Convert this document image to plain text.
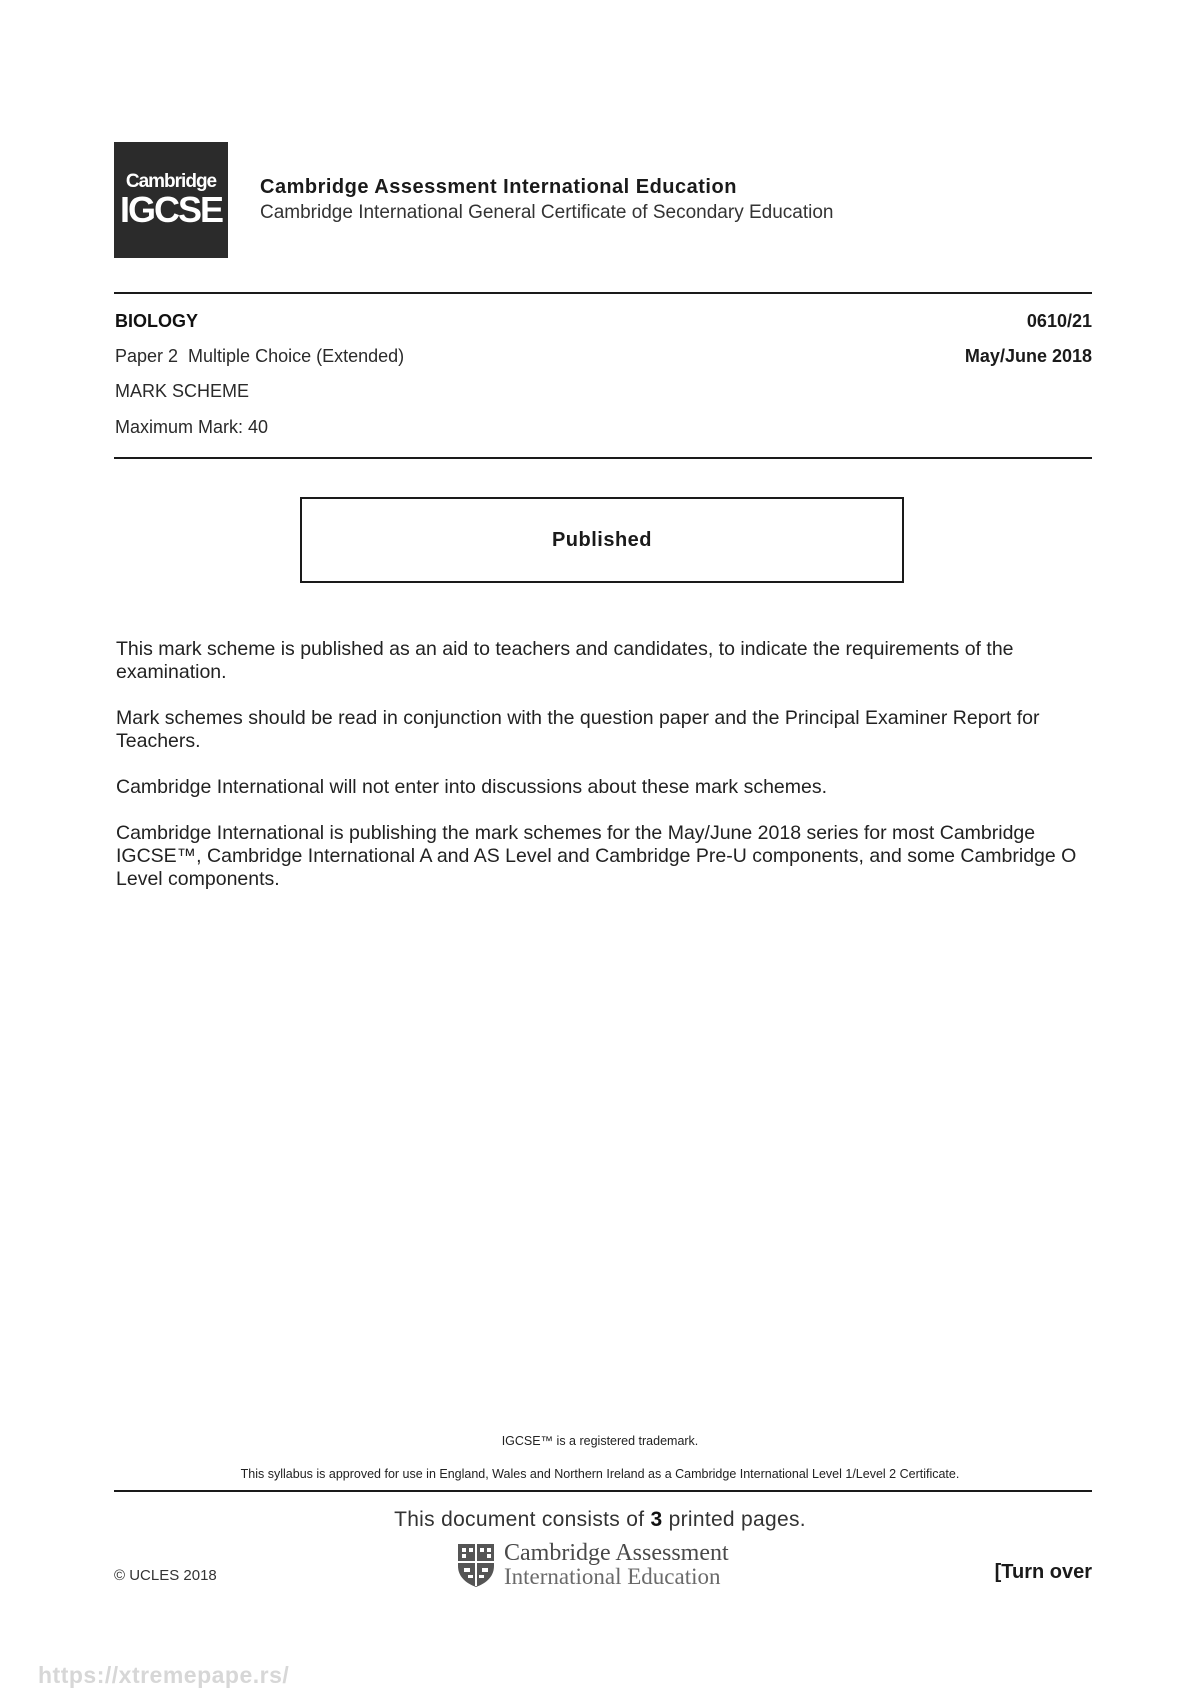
Cambridge
IGCSE
Cambridge Assessment International Education
Cambridge International General Certificate of Secondary Education
BIOLOGY	0610/21
Paper 2  Multiple Choice (Extended)	May/June 2018
MARK SCHEME
Maximum Mark: 40
Published

This mark scheme is published as an aid to teachers and candidates, to indicate the requirements of the examination.

Mark schemes should be read in conjunction with the question paper and the Principal Examiner Report for Teachers.

Cambridge International will not enter into discussions about these mark schemes.

Cambridge International is publishing the mark schemes for the May/June 2018 series for most Cambridge IGCSE™, Cambridge International A and AS Level and Cambridge Pre-U components, and some Cambridge O Level components.

IGCSE™ is a registered trademark.
This syllabus is approved for use in England, Wales and Northern Ireland as a Cambridge International Level 1/Level 2 Certificate.
This document consists of 3 printed pages.
© UCLES 2018
Cambridge Assessment
International Education	[Turn over
https://xtremepape.rs/
